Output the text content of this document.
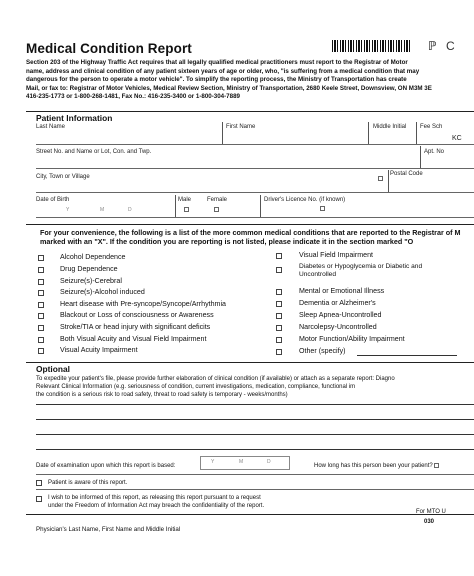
Medical Condition Report	ℙ C
Section 203 of the Highway Traffic Act requires that all legally qualified medical practitioners must report to the Registrar of Motor
name, address and clinical condition of any patient sixteen years of age or older, who, "is suffering from a medical condition that may
dangerous for the person to operate a motor vehicle". To simplify the reporting process, the Ministry of Transportation has create
Mail, or fax to: Registrar of Motor Vehicles, Medical Review Section, Ministry of Transportation, 2680 Keele Street, Downsview, ON M3M 3E
416-235-1773 or 1-800-268-1481, Fax No.: 416-235-3400 or 1-800-304-7889
Patient Information
Last Name	First Name	Middle Initial Fee Sch
KC
Street No. and Name or Lot, Con. and Twp.	Apt. No
City, Town or Village	Postal Code
Date of Birth
Y	M	D
Male	Female	Driver's Licence No. (if known)
For your convenience, the following is a list of the more common medical conditions that are reported to the Registrar of M
marked with an "X". If the condition you are reporting is not listed, please indicate it in the section marked "O
Alcohol Dependence
Drug Dependence
Seizure(s)-Cerebral
Seizure(s)-Alcohol induced
Heart disease with Pre-syncope/Syncope/Arrhythmia
Blackout or Loss of consciousness or Awareness
Stroke/TIA or head injury with significant deficits
Both Visual Acuity and Visual Field Impairment
Visual Acuity Impairment
Visual Field Impairment
Diabetes or Hypoglycemia or Diabetic and
Uncontrolled
Mental or Emotional Illness
Dementia or Alzheimer's
Sleep Apnea-Uncontrolled
Narcolepsy-Uncontrolled
Motor Function/Ability Impairment
Other (specify)
Optional
To expedite your patient's file, please provide further elaboration of clinical condition (if available) or attach as a separate report: Diagno
Relevant Clinical Information (e.g. seriousness of condition, current investigations, medication, compliance, functional im
the condition is a serious risk to road safety, threat to road safety is temporary - weeks/months)
Date of examination upon which this report is based:
Y	M	D
How long has this person been your patient?
Patient is aware of this report.
I wish to be informed of this report, as releasing this report pursuant to a request
under the Freedom of Information Act may breach the confidentiality of the report.
For MTO U
030
Physician's Last Name, First Name and Middle Initial
